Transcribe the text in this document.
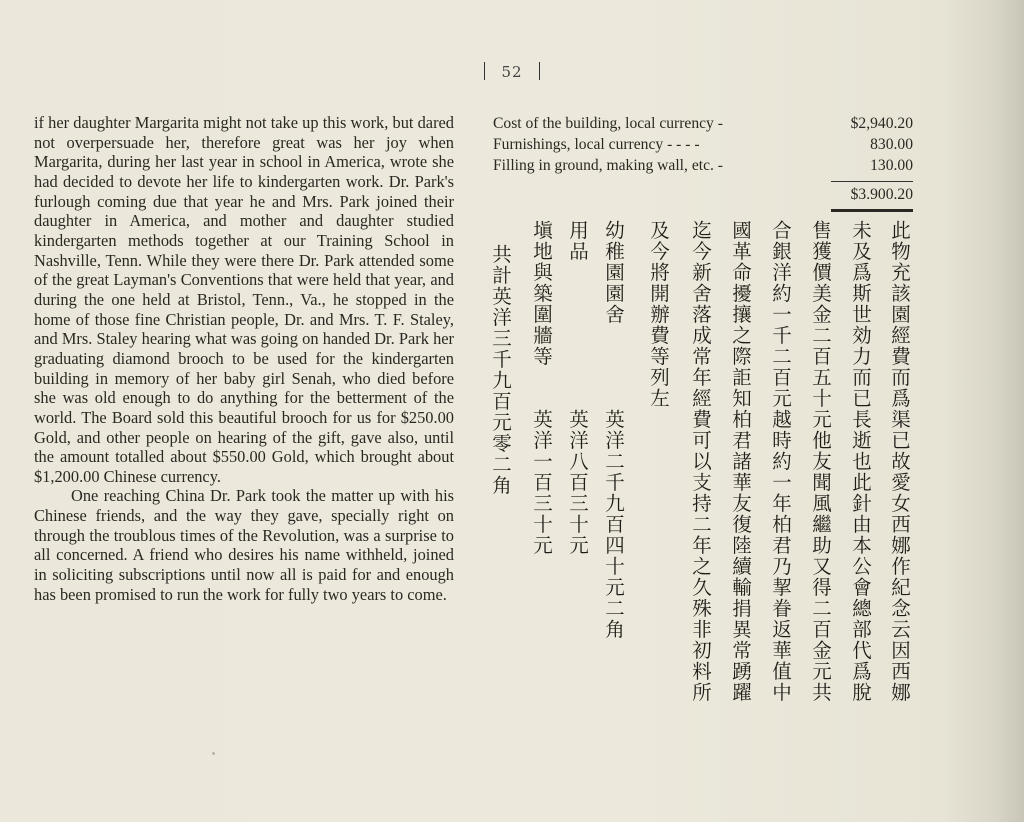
52

if her daughter Margarita might not take up this work, but dared not overpersuade her, therefore great was her joy when Margarita, during her last year in school in America, wrote she had decided to devote her life to kindergarten work. Dr. Park's furlough coming due that year he and Mrs. Park joined their daughter in America, and mother and daughter studied kindergarten methods together at our Training School in Nashville, Tenn. While they were there Dr. Park attended some of the great Layman's Conventions that were held that year, and during the one held at Bristol, Tenn., Va., he stopped in the home of those fine Christian people, Dr. and Mrs. T. F. Staley, and Mrs. Staley hearing what was going on handed Dr. Park her graduating diamond brooch to be used for the kindergarten building in memory of her baby girl Senah, who died before she was old enough to do anything for the betterment of the world. The Board sold this beautiful brooch for us for $250.00 Gold, and other people on hearing of the gift, gave also, until the amount totalled about $550.00 Gold, which brought about $1,200.00 Chinese currency.

One reaching China Dr. Park took the matter up with his Chinese friends, and the way they gave, specially right on through the troublous times of the Revolution, was a surprise to all concerned. A friend who desires his name withheld, joined in soliciting subscriptions until now all is paid for and enough has been promised to run the work for fully two years to come.

Cost of the building, local currency -	$2,940.20
Furnishings, local currency - - - -	830.00
Filling in ground, making wall, etc. -	130.00
$3.900.20
此物充該園經費而爲渠已故愛女西娜作紀念云因西娜
未及爲斯世効力而已長逝也此針由本公會總部代爲脫
售獲價美金二百五十元他友聞風繼助又得二百金元共
合銀洋約一千二百元越時約一年柏君乃挈眷返華值中
國革命擾攘之際詎知柏君諸華友復陸續輸捐異常踴躍
迄今新舍落成常年經費可以支持二年之久殊非初料所
及今將開辦費等列左
幼稚園園舍　　　　英洋二千九百四十元二角
用品　　　　　　　英洋八百三十元
塡地與築圍牆等　　英洋一百三十元
共計英洋三千九百元零二角
